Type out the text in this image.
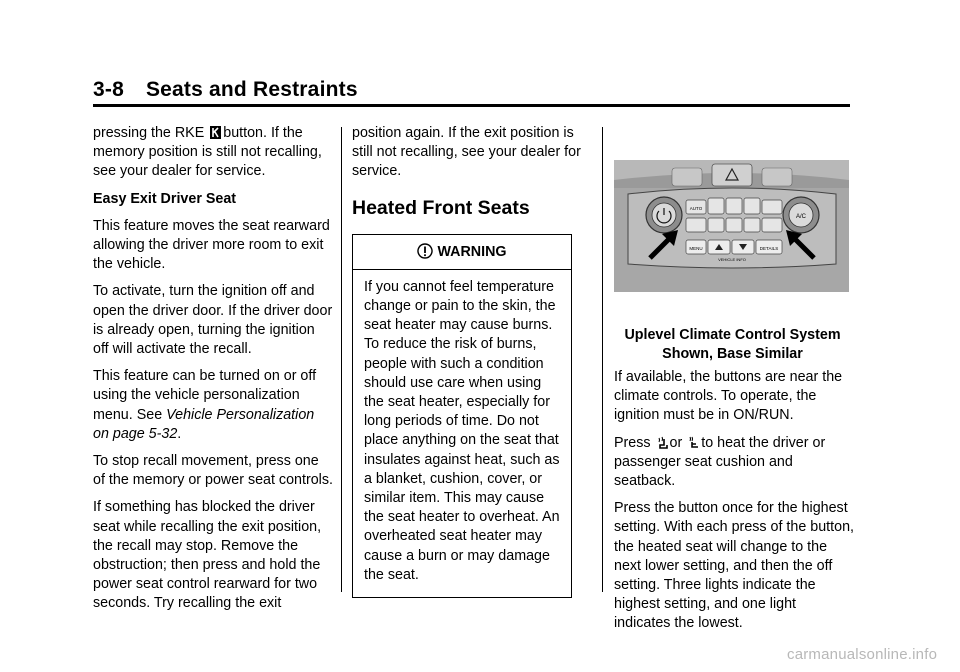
3-8 Seats and Restraints

pressing the RKE button. If the memory position is still not recalling, see your dealer for service.

Easy Exit Driver Seat

This feature moves the seat rearward allowing the driver more room to exit the vehicle.

To activate, turn the ignition off and open the driver door. If the driver door is already open, turning the ignition off will activate the recall.

This feature can be turned on or off using the vehicle personalization menu. See Vehicle Personalization on page 5-32.

To stop recall movement, press one of the memory or power seat controls.

If something has blocked the driver seat while recalling the exit position, the recall may stop. Remove the obstruction; then press and hold the power seat control rearward for two seconds. Try recalling the exit

position again. If the exit position is still not recalling, see your dealer for service.

Heated Front Seats
WARNING
If you cannot feel temperature change or pain to the skin, the seat heater may cause burns. To reduce the risk of burns, people with such a condition should use care when using the seat heater, especially for long periods of time. Do not place anything on the seat that insulates against heat, such as a blanket, cushion, cover, or similar item. This may cause the seat heater to overheat. An overheated seat heater may cause a burn or may damage the seat.
A/C
AUTO
MENU	DETAILS
VEHICLE INFO

Uplevel Climate Control System Shown, Base Similar

If available, the buttons are near the climate controls. To operate, the ignition must be in ON/RUN.

Press or to heat the driver or passenger seat cushion and seatback.

Press the button once for the highest setting. With each press of the button, the heated seat will change to the next lower setting, and then the off setting. Three lights indicate the highest setting, and one light indicates the lowest.

carmanualsonline.info
